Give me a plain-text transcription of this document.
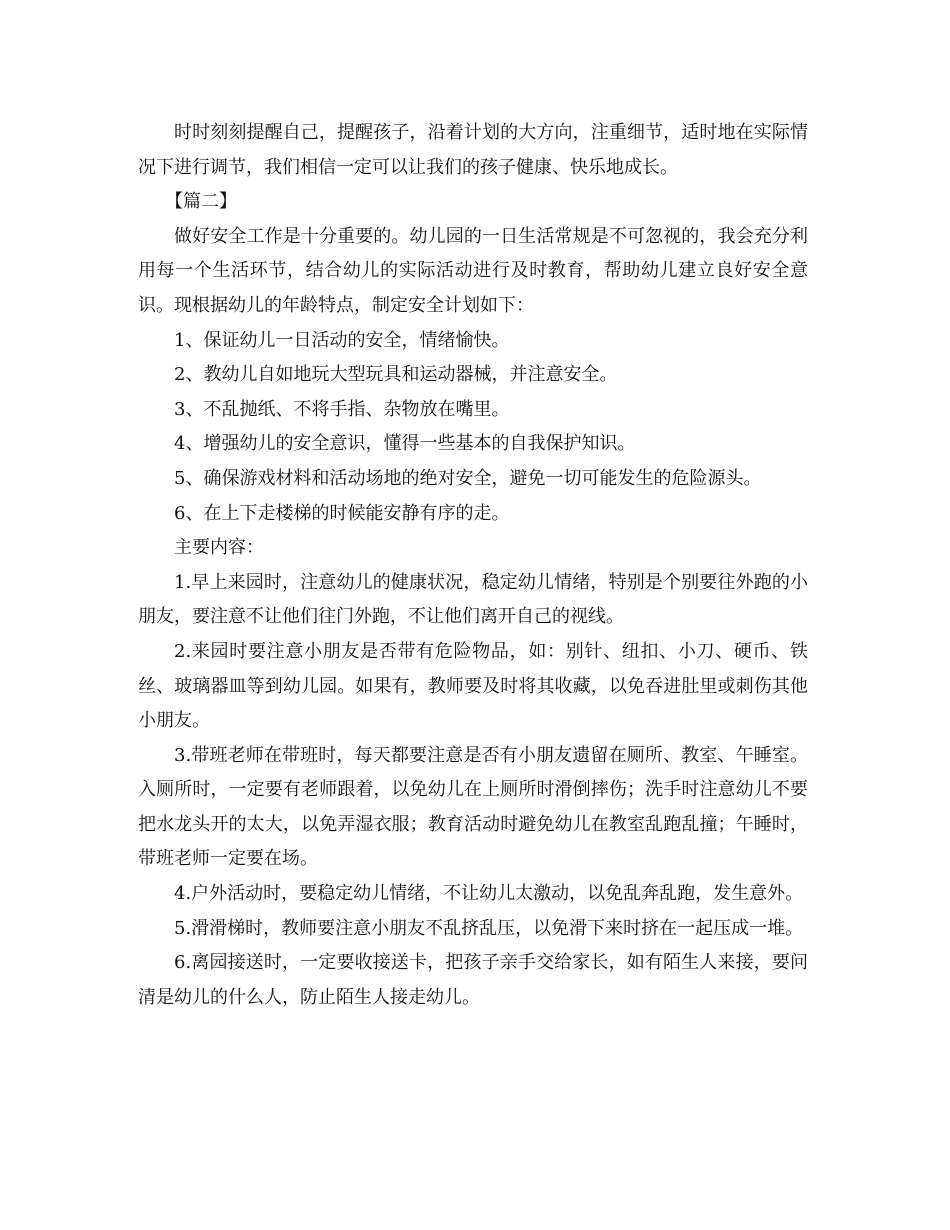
时时刻刻提醒自己，提醒孩子，沿着计划的大方向，注重细节，适时地在实际情况下进行调节，我们相信一定可以让我们的孩子健康、快乐地成长。

【篇二】

做好安全工作是十分重要的。幼儿园的一日生活常规是不可忽视的，我会充分利用每一个生活环节，结合幼儿的实际活动进行及时教育，帮助幼儿建立良好安全意识。现根据幼儿的年龄特点，制定安全计划如下：

1、保证幼儿一日活动的安全，情绪愉快。

2、教幼儿自如地玩大型玩具和运动器械，并注意安全。

3、不乱抛纸、不将手指、杂物放在嘴里。

4、增强幼儿的安全意识，懂得一些基本的自我保护知识。

5、确保游戏材料和活动场地的绝对安全，避免一切可能发生的危险源头。

6、在上下走楼梯的时候能安静有序的走。

主要内容：

1.早上来园时，注意幼儿的健康状况，稳定幼儿情绪，特别是个别要往外跑的小朋友，要注意不让他们往门外跑，不让他们离开自己的视线。

2.来园时要注意小朋友是否带有危险物品，如：别针、纽扣、小刀、硬币、铁丝、玻璃器皿等到幼儿园。如果有，教师要及时将其收藏，以免吞进肚里或刺伤其他小朋友。

3.带班老师在带班时，每天都要注意是否有小朋友遗留在厕所、教室、午睡室。入厕所时，一定要有老师跟着，以免幼儿在上厕所时滑倒摔伤；洗手时注意幼儿不要把水龙头开的太大，以免弄湿衣服；教育活动时避免幼儿在教室乱跑乱撞；午睡时，带班老师一定要在场。

4.户外活动时，要稳定幼儿情绪，不让幼儿太激动，以免乱奔乱跑，发生意外。

5.滑滑梯时，教师要注意小朋友不乱挤乱压，以免滑下来时挤在一起压成一堆。

6.离园接送时，一定要收接送卡，把孩子亲手交给家长，如有陌生人来接，要问清是幼儿的什么人，防止陌生人接走幼儿。
